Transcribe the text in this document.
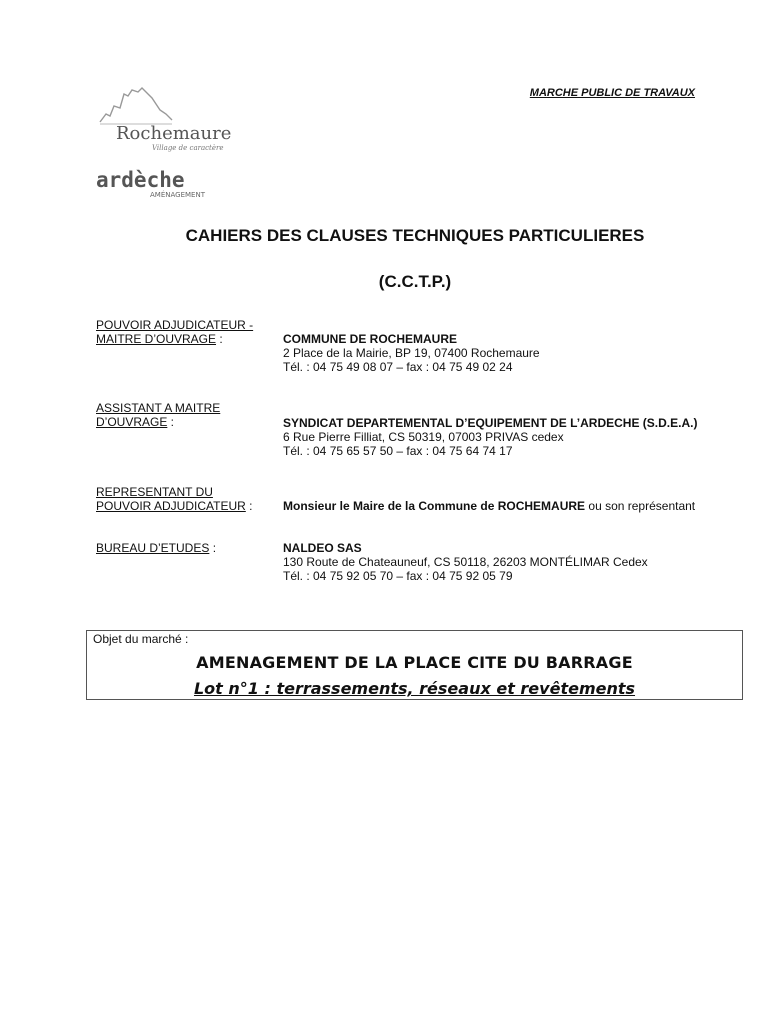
MARCHE PUBLIC DE TRAVAUX
Rochemaure
Village de caractère
ardèche
AMÉNAGEMENT
CAHIERS DES CLAUSES TECHNIQUES PARTICULIERES
(C.C.T.P.)
POUVOIR ADJUDICATEUR -
MAITRE D’OUVRAGE :	COMMUNE DE ROCHEMAURE
2 Place de la Mairie, BP 19, 07400 Rochemaure
Tél. : 04 75 49 08 07 – fax : 04 75 49 02 24
ASSISTANT A MAITRE
D’OUVRAGE :	SYNDICAT DEPARTEMENTAL D’EQUIPEMENT DE L’ARDECHE (S.D.E.A.)
6 Rue Pierre Filliat, CS 50319, 07003 PRIVAS cedex
Tél. : 04 75 65 57 50 – fax : 04 75 64 74 17
REPRESENTANT DU
POUVOIR ADJUDICATEUR :	Monsieur le Maire de la Commune de ROCHEMAURE ou son représentant
BUREAU D’ETUDES :	NALDEO SAS
130 Route de Chateauneuf, CS 50118, 26203 MONTÉLIMAR Cedex
Tél. : 04 75 92 05 70 – fax : 04 75 92 05 79
Objet du marché :
AMENAGEMENT DE LA PLACE CITE DU BARRAGE
Lot n°1 : terrassements, réseaux et revêtements
